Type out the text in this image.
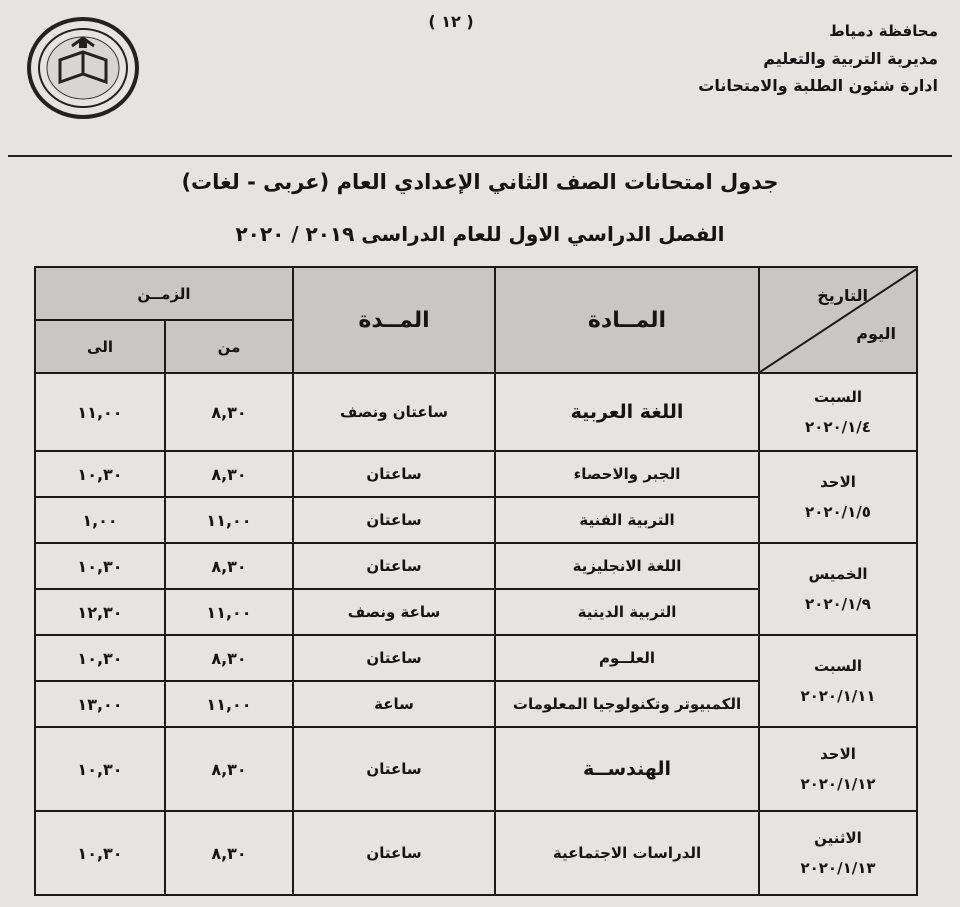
( ١٢ )	محافظة دمياط
مديرية التربية والتعليم
ادارة شئون الطلبة والامتحانات
جدول امتحانات الصف الثاني الإعدادي العام (عربى - لغات)
الفصل الدراسي الاول للعام الدراسى ٢٠١٩ / ٢٠٢٠
التاريخ
اليوم	المــادة	المــدة	الزمــن	
			من	الى

السبت
٢٠٢٠/١/٤	اللغة العربية	ساعتان ونصف	٨,٣٠	١١,٠٠

الاحد
٢٠٢٠/١/٥	الجبر والاحصاء	ساعتان	٨,٣٠	١٠,٣٠
	التربية الفنية	ساعتان	١١,٠٠	١,٠٠

الخميس
٢٠٢٠/١/٩	اللغة الانجليزية	ساعتان	٨,٣٠	١٠,٣٠
	التربية الدينية	ساعة ونصف	١١,٠٠	١٢,٣٠

السبت
٢٠٢٠/١/١١	العلــوم	ساعتان	٨,٣٠	١٠,٣٠
	الكمبيوتر وتكنولوجيا المعلومات	ساعة	١١,٠٠	١٣,٠٠

الاحد
٢٠٢٠/١/١٢	الهندســة	ساعتان	٨,٣٠	١٠,٣٠

الاثنين
٢٠٢٠/١/١٣	الدراسات الاجتماعية	ساعتان	٨,٣٠	١٠,٣٠
